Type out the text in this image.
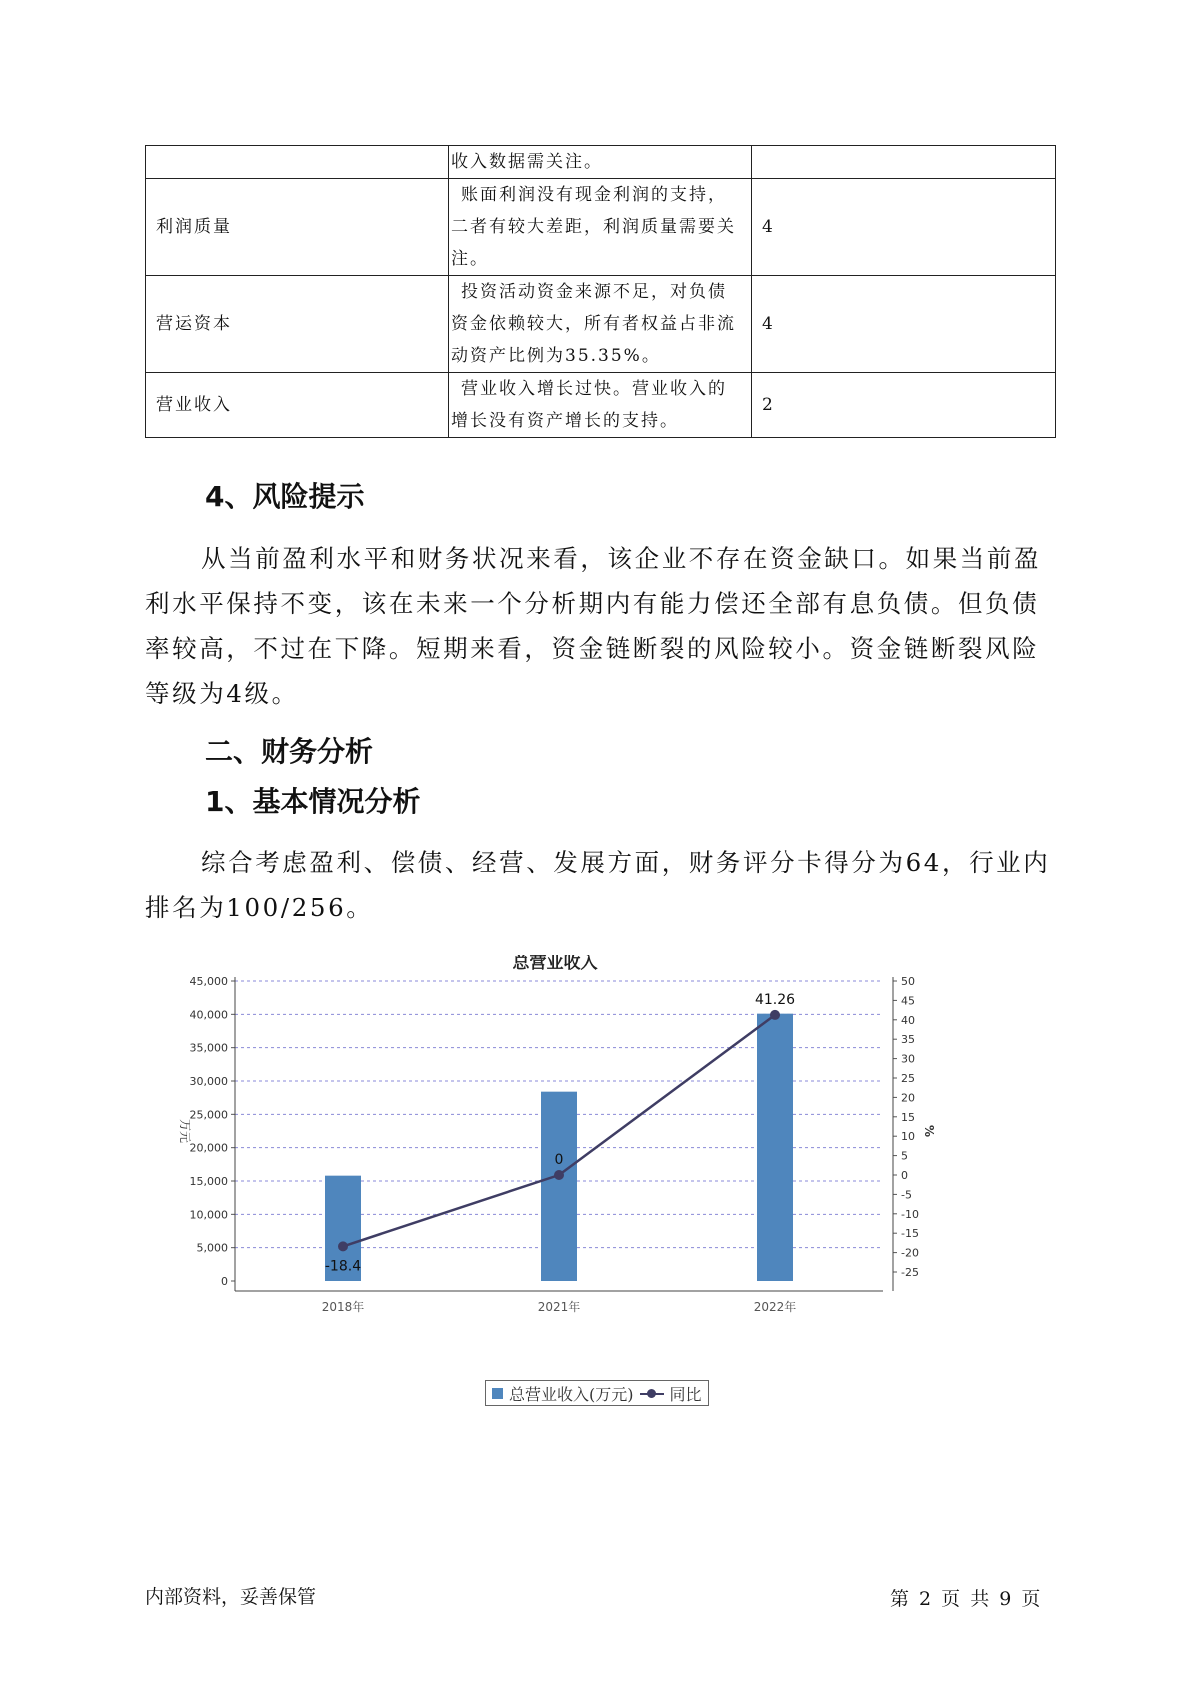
	收入数据需关注。	

利润质量	账面利润没有现金利润的支持，
二者有较大差距，利润质量需要关
注。	4
营运资本	投资活动资金来源不足，对负债
资金依赖较大，所有者权益占非流
动资产比例为35.35%。	4
营业收入	营业收入增长过快。营业收入的
增长没有资产增长的支持。	2
4、风险提示

从当前盈利水平和财务状况来看，该企业不存在资金缺口。如果当前盈利水平保持不变，该在未来一个分析期内有能力偿还全部有息负债。但负债率较高，不过在下降。短期来看，资金链断裂的风险较小。资金链断裂风险等级为4级。

二、财务分析
1、基本情况分析

综合考虑盈利、偿债、经营、发展方面，财务评分卡得分为64，行业内排名为100/256。

总营业收入
0
5,000
10,000
15,000
20,000
25,000
30,000
35,000
40,000
45,000
-25
-20
-15
-10
-5
0
5
10
15
20
25
30
35
40
45
50
万元	%
2018年	2021年	2022年
-18.4
0
41.26
总营业收入(万元) 同比
内部资料，妥善保管	第 2 页 共 9 页
